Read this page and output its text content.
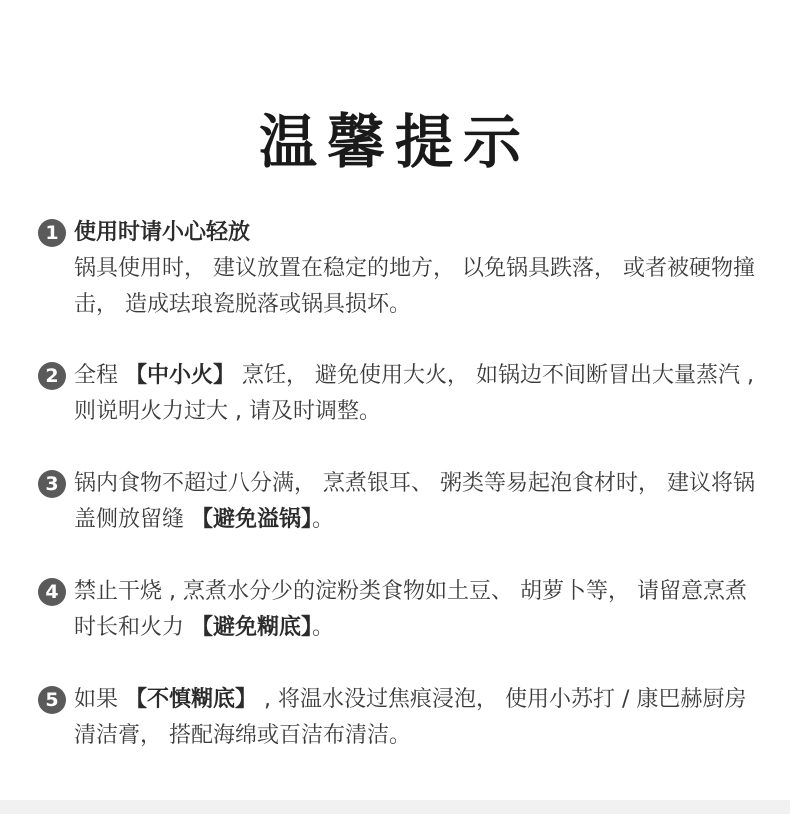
温馨提示
1 使用时请小心轻放
锅具使用时， 建议放置在稳定的地方， 以免锅具跌落， 或者被硬物撞击， 造成珐琅瓷脱落或锅具损坏。
2 全程 【中小火】 烹饪， 避免使用大火， 如锅边不间断冒出大量蒸汽 , 则说明火力过大 , 请及时调整。
3 锅内食物不超过八分满， 烹煮银耳、 粥类等易起泡食材时， 建议将锅盖侧放留缝 【避免溢锅】。
4 禁止干烧 , 烹煮水分少的淀粉类食物如土豆、 胡萝卜等， 请留意烹煮时长和火力 【避免糊底】。
5 如果 【不慎糊底】 , 将温水没过焦痕浸泡， 使用小苏打 / 康巴赫厨房清洁膏， 搭配海绵或百洁布清洁。
